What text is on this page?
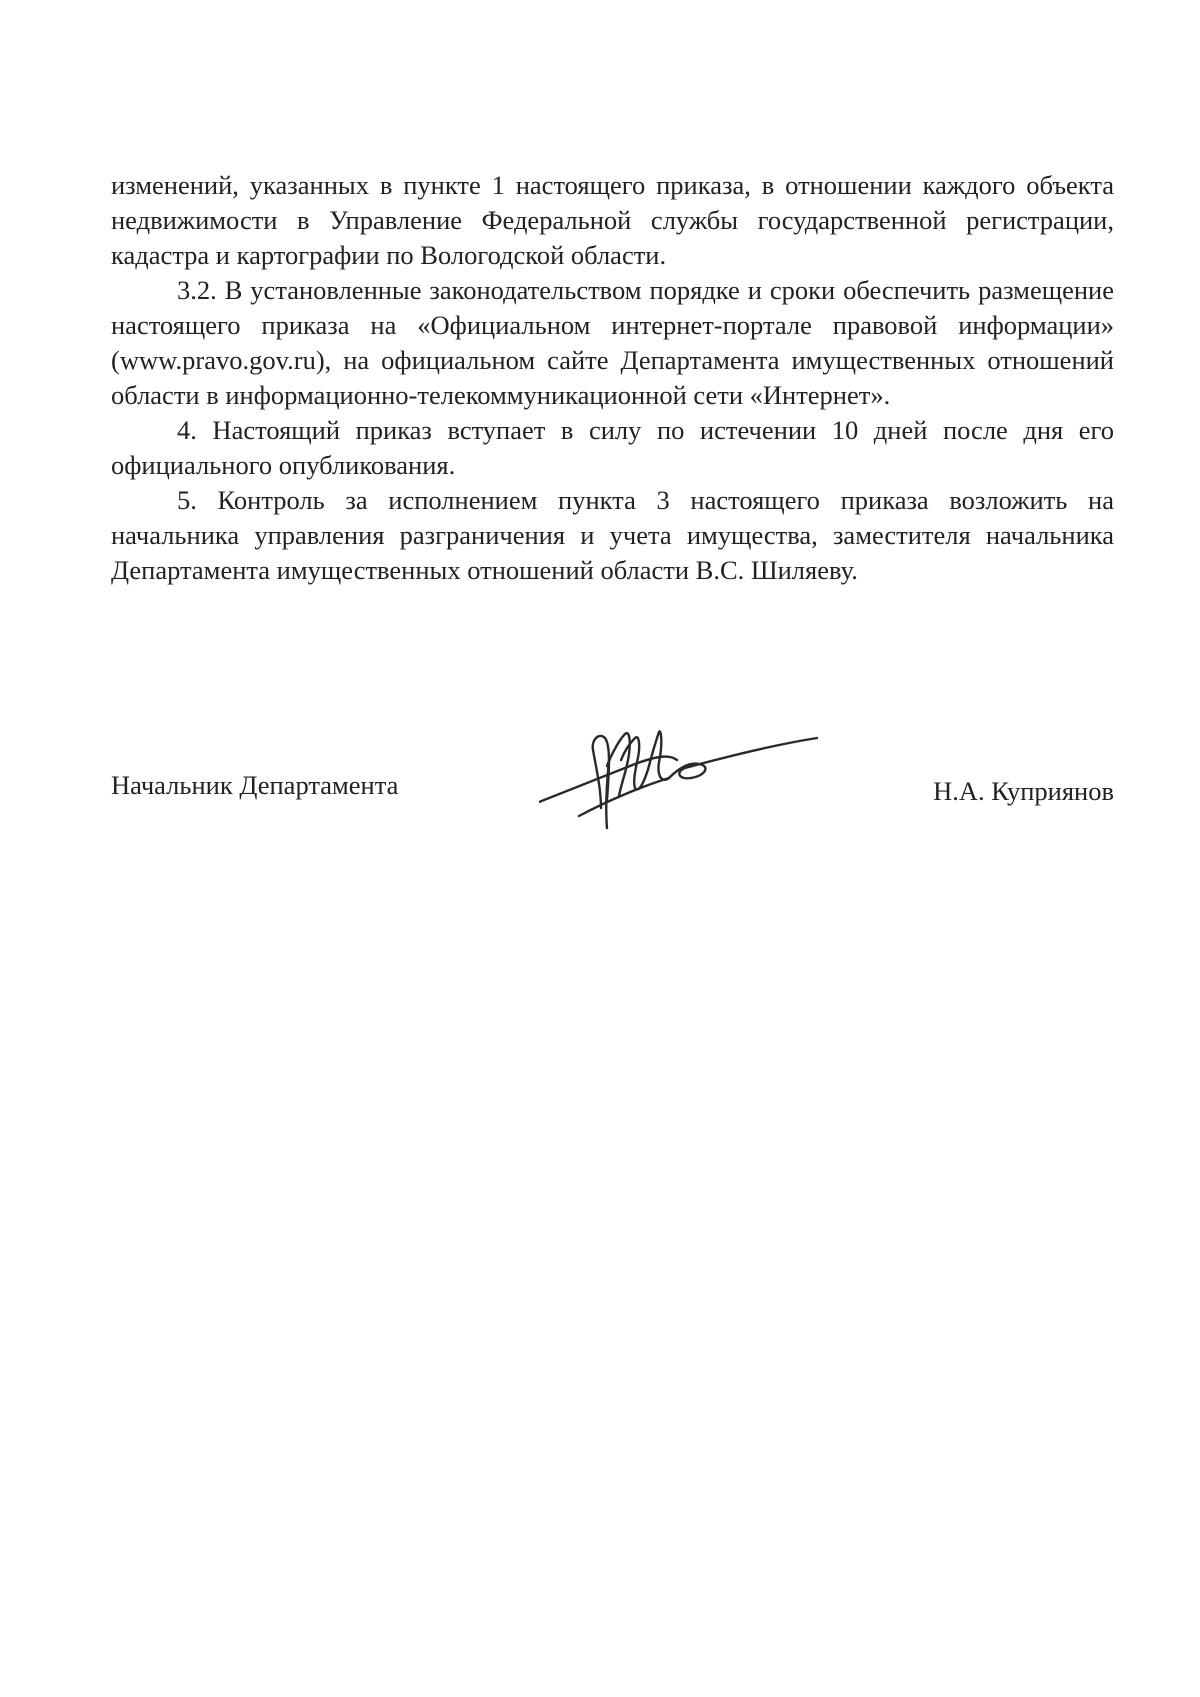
изменений, указанных в пункте 1 настоящего приказа, в отношении каждого объекта недвижимости в Управление Федеральной службы государственной регистрации, кадастра и картографии по Вологодской области.

3.2. В установленные законодательством порядке и сроки обеспечить размещение настоящего приказа на «Официальном интернет-портале правовой информации» (www.pravo.gov.ru), на официальном сайте Департамента имущественных отношений области в информационно-телекоммуникационной сети «Интернет».

4. Настоящий приказ вступает в силу по истечении 10 дней после дня его официального опубликования.

5. Контроль за исполнением пункта 3 настоящего приказа возложить на начальника управления разграничения и учета имущества, заместителя начальника Департамента имущественных отношений области В.С. Шиляеву.

Начальник Департамента	Н.А. Куприянов
